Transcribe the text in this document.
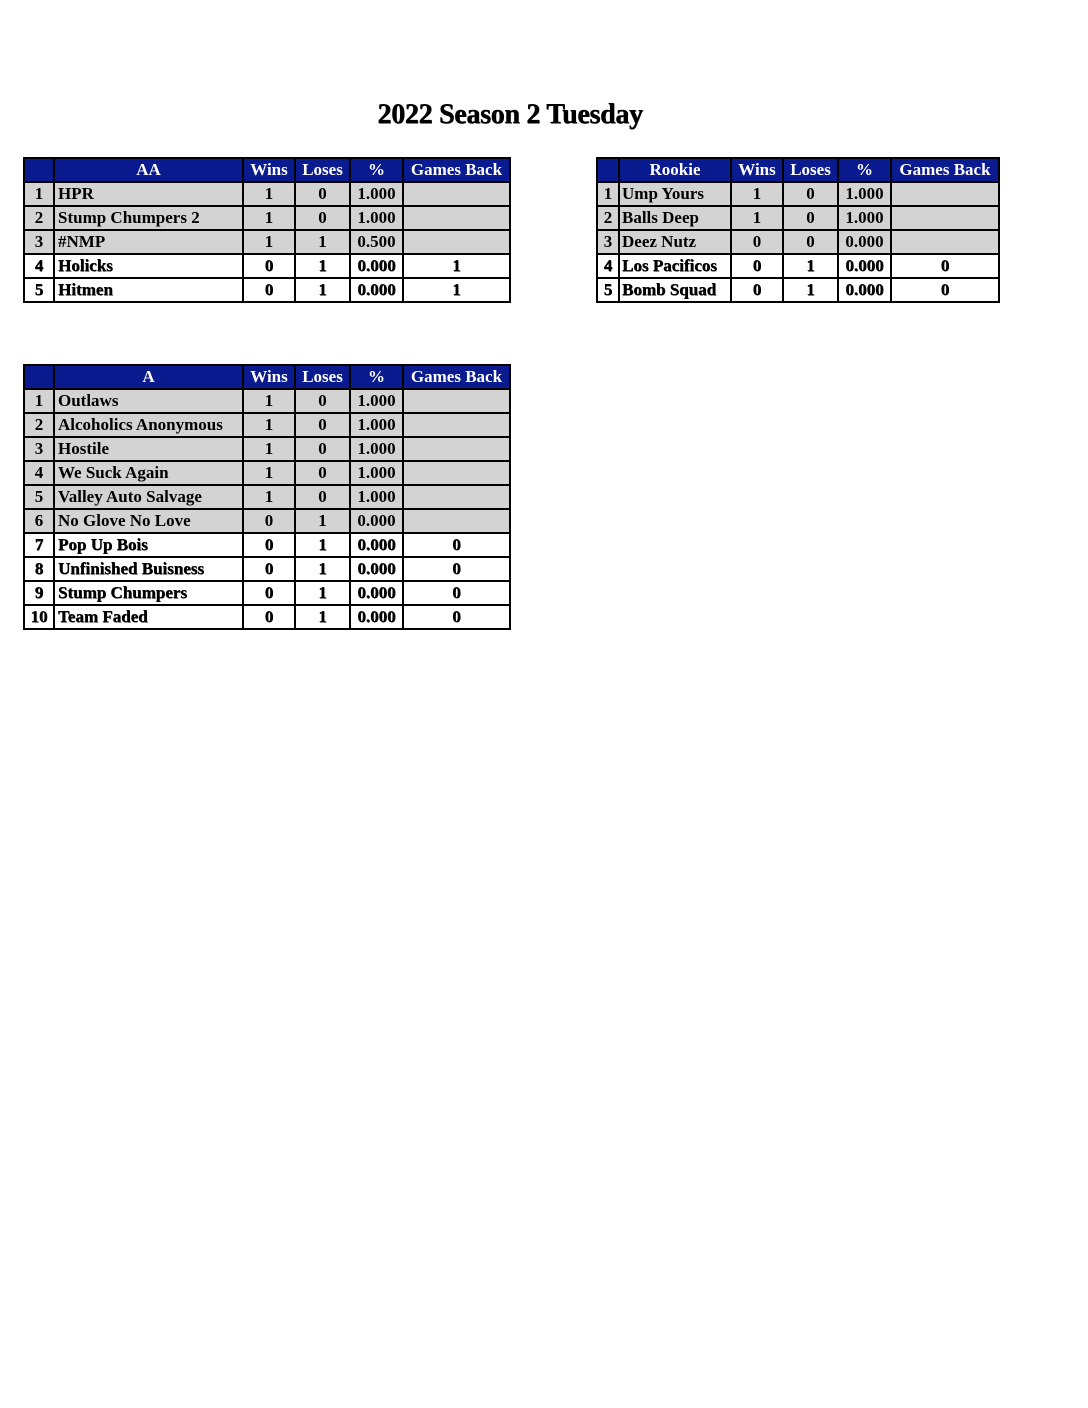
2022 Season 2 Tuesday
	AA	Wins	Loses	%	Games Back
1	HPR	1	0	1.000	
2	Stump Chumpers 2	1	0	1.000	
3	#NMP	1	1	0.500	
4	Holicks	0	1	0.000	1
5	Hitmen	0	1	0.000	1
	Rookie	Wins	Loses	%	Games Back
1	Ump Yours	1	0	1.000	
2	Balls Deep	1	0	1.000	
3	Deez Nutz	0	0	0.000	
4	Los Pacificos	0	1	0.000	0
5	Bomb Squad	0	1	0.000	0
	A	Wins	Loses	%	Games Back
1	Outlaws	1	0	1.000	
2	Alcoholics Anonymous	1	0	1.000	
3	Hostile	1	0	1.000	
4	We Suck Again	1	0	1.000	
5	Valley Auto Salvage	1	0	1.000	
6	No Glove No Love	0	1	0.000	
7	Pop Up Bois	0	1	0.000	0
8	Unfinished Buisness	0	1	0.000	0
9	Stump Chumpers	0	1	0.000	0
10	Team Faded	0	1	0.000	0
